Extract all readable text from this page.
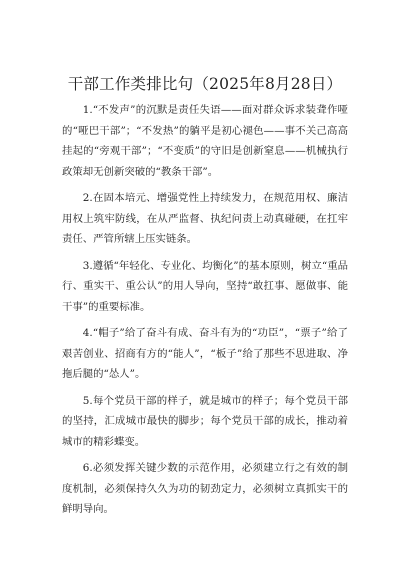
干部工作类排比句（2025年8月28日）

1.“不发声”的沉默是责任失语——面对群众诉求装聋作哑的“哑巴干部”；“不发热”的躺平是初心褪色——事不关己高高挂起的“旁观干部”；“不变质”的守旧是创新窒息——机械执行政策却无创新突破的“教条干部”。

2.在固本培元、增强党性上持续发力，在规范用权、廉洁用权上筑牢防线，在从严监督、执纪问责上动真碰硬，在扛牢责任、严管所辖上压实链条。

3.遵循“年轻化、专业化、均衡化”的基本原则，树立“重品行、重实干、重公认”的用人导向，坚持“敢扛事、愿做事、能干事”的重要标准。

4.“帽子”给了奋斗有成、奋斗有为的“功臣”，“票子”给了艰苦创业、招商有方的“能人”，“板子”给了那些不思进取、净拖后腿的“怂人”。

5.每个党员干部的样子，就是城市的样子；每个党员干部的坚持，汇成城市最快的脚步；每个党员干部的成长，推动着城市的精彩蝶变。

6.必须发挥关键少数的示范作用，必须建立行之有效的制度机制，必须保持久久为功的韧劲定力，必须树立真抓实干的鲜明导向。
